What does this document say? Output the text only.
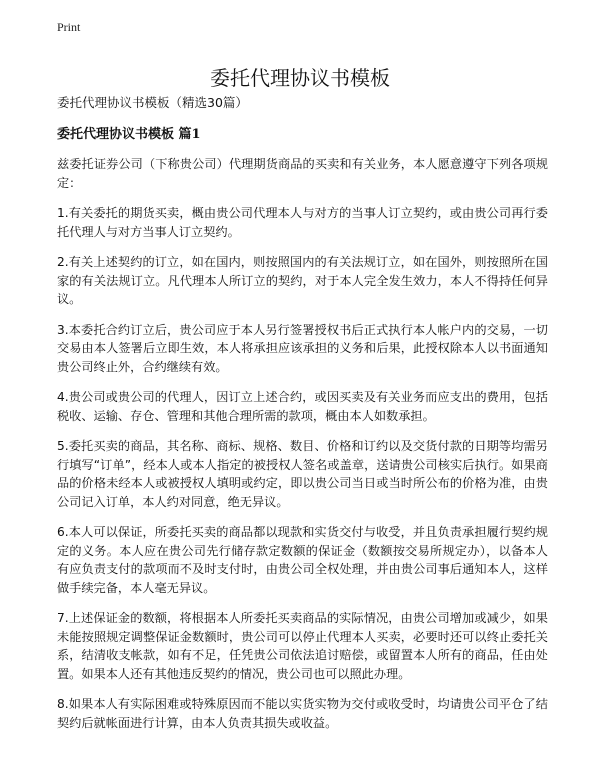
Print
委托代理协议书模板
委托代理协议书模板（精选30篇）
委托代理协议书模板 篇1

兹委托证券公司（下称贵公司）代理期货商品的买卖和有关业务，本人愿意遵守下列各项规定：

1.有关委托的期货买卖，概由贵公司代理本人与对方的当事人订立契约，或由贵公司再行委托代理人与对方当事人订立契约。

2.有关上述契约的订立，如在国内，则按照国内的有关法规订立，如在国外，则按照所在国家的有关法规订立。凡代理本人所订立的契约，对于本人完全发生效力，本人不得持任何异议。

3.本委托合约订立后，贵公司应于本人另行签署授权书后正式执行本人帐户内的交易，一切交易由本人签署后立即生效，本人将承担应该承担的义务和后果，此授权除本人以书面通知贵公司终止外，合约继续有效。

4.贵公司或贵公司的代理人，因订立上述合约，或因买卖及有关业务而应支出的费用，包括税收、运输、存仓、管理和其他合理所需的款项，概由本人如数承担。

5.委托买卖的商品，其名称、商标、规格、数目、价格和订约以及交货付款的日期等均需另行填写“订单”，经本人或本人指定的被授权人签名或盖章，送请贵公司核实后执行。如果商品的价格未经本人或被授权人填明或约定，即以贵公司当日或当时所公布的价格为准，由贵公司记入订单，本人约对同意，绝无异议。

6.本人可以保证，所委托买卖的商品都以现款和实货交付与收受，并且负责承担履行契约规定的义务。本人应在贵公司先行储存款定数额的保证金（数额按交易所规定办），以备本人有应负责支付的款项而不及时支付时，由贵公司全权处理，并由贵公司事后通知本人，这样做手续完备，本人毫无异议。

7.上述保证金的数额，将根据本人所委托买卖商品的实际情况，由贵公司增加或减少，如果未能按照规定调整保证金数额时，贵公司可以停止代理本人买卖，必要时还可以终止委托关系，结清收支帐款，如有不足，任凭贵公司依法追讨赔偿，或留置本人所有的商品，任由处置。如果本人还有其他违反契约的情况，贵公司也可以照此办理。

8.如果本人有实际困难或特殊原因而不能以实货实物为交付或收受时，均请贵公司平仓了结契约后就帐面进行计算，由本人负责其损失或收益。
